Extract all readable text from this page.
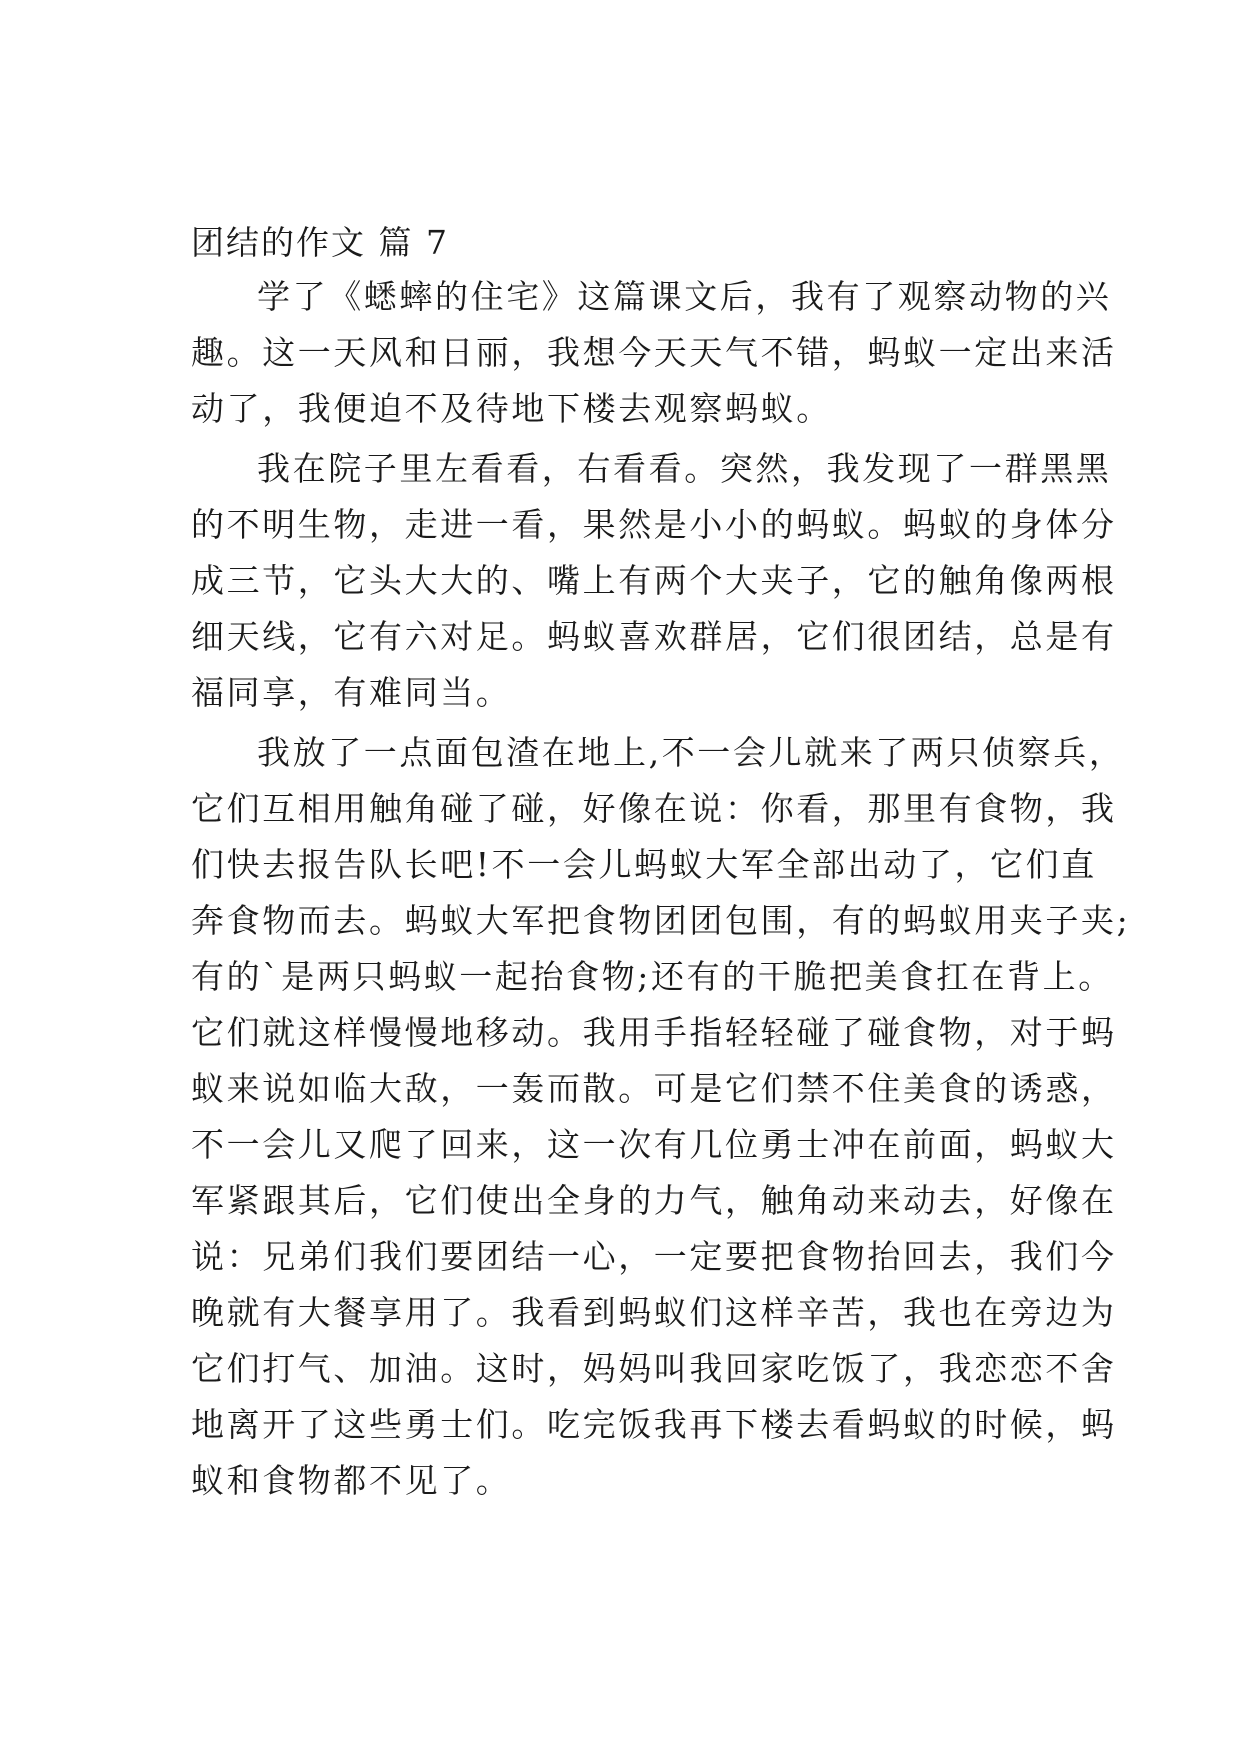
团结的作文 篇 7
学了《蟋蟀的住宅》这篇课文后，我有了观察动物的兴
趣。这一天风和日丽，我想今天天气不错，蚂蚁一定出来活
动了，我便迫不及待地下楼去观察蚂蚁。
我在院子里左看看，右看看。突然，我发现了一群黑黑
的不明生物，走进一看，果然是小小的蚂蚁。蚂蚁的身体分
成三节，它头大大的、嘴上有两个大夹子，它的触角像两根
细天线，它有六对足。蚂蚁喜欢群居，它们很团结，总是有
福同享，有难同当。
我放了一点面包渣在地上,不一会儿就来了两只侦察兵，
它们互相用触角碰了碰，好像在说：你看，那里有食物，我
们快去报告队长吧!不一会儿蚂蚁大军全部出动了，它们直
奔食物而去。蚂蚁大军把食物团团包围，有的蚂蚁用夹子夹;
有的`是两只蚂蚁一起抬食物;还有的干脆把美食扛在背上。
它们就这样慢慢地移动。我用手指轻轻碰了碰食物，对于蚂
蚁来说如临大敌，一轰而散。可是它们禁不住美食的诱惑，
不一会儿又爬了回来，这一次有几位勇士冲在前面，蚂蚁大
军紧跟其后，它们使出全身的力气，触角动来动去，好像在
说：兄弟们我们要团结一心，一定要把食物抬回去，我们今
晚就有大餐享用了。我看到蚂蚁们这样辛苦，我也在旁边为
它们打气、加油。这时，妈妈叫我回家吃饭了，我恋恋不舍
地离开了这些勇士们。吃完饭我再下楼去看蚂蚁的时候，蚂
蚁和食物都不见了。
